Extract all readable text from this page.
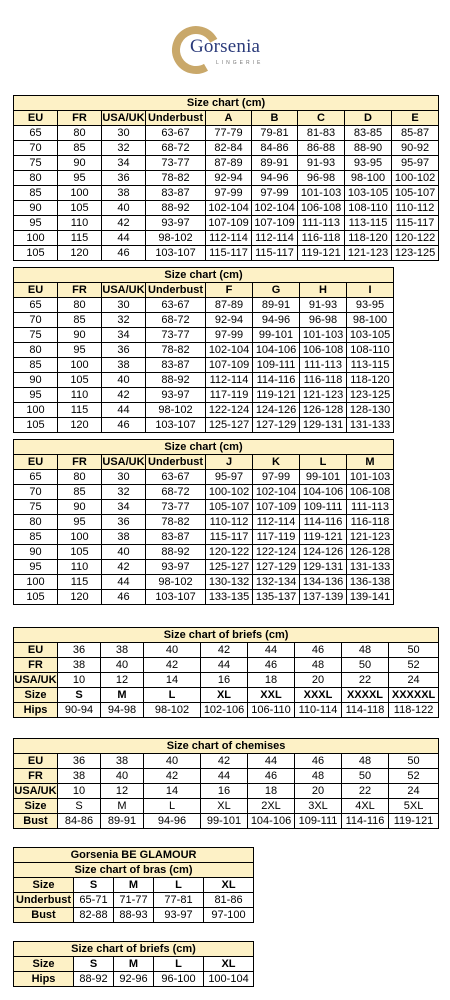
Gorsenia
LINGERIE
Size chart (cm)								
EU	FR	USA/UK	Underbust	A	B	C	D	E
65	80	30	63-67	77-79	79-81	81-83	83-85	85-87
70	85	32	68-72	82-84	84-86	86-88	88-90	90-92
75	90	34	73-77	87-89	89-91	91-93	93-95	95-97
80	95	36	78-82	92-94	94-96	96-98	98-100	100-102
85	100	38	83-87	97-99	97-99	101-103	103-105	105-107
90	105	40	88-92	102-104	102-104	106-108	108-110	110-112
95	110	42	93-97	107-109	107-109	111-113	113-115	115-117
100	115	44	98-102	112-114	112-114	116-118	118-120	120-122
105	120	46	103-107	115-117	115-117	119-121	121-123	123-125
Size chart (cm)							
EU	FR	USA/UK	Underbust	F	G	H	I
65	80	30	63-67	87-89	89-91	91-93	93-95
70	85	32	68-72	92-94	94-96	96-98	98-100
75	90	34	73-77	97-99	99-101	101-103	103-105
80	95	36	78-82	102-104	104-106	106-108	108-110
85	100	38	83-87	107-109	109-111	111-113	113-115
90	105	40	88-92	112-114	114-116	116-118	118-120
95	110	42	93-97	117-119	119-121	121-123	123-125
100	115	44	98-102	122-124	124-126	126-128	128-130
105	120	46	103-107	125-127	127-129	129-131	131-133
Size chart (cm)							
EU	FR	USA/UK	Underbust	J	K	L	M
65	80	30	63-67	95-97	97-99	99-101	101-103
70	85	32	68-72	100-102	102-104	104-106	106-108
75	90	34	73-77	105-107	107-109	109-111	111-113
80	95	36	78-82	110-112	112-114	114-116	116-118
85	100	38	83-87	115-117	117-119	119-121	121-123
90	105	40	88-92	120-122	122-124	124-126	126-128
95	110	42	93-97	125-127	127-129	129-131	131-133
100	115	44	98-102	130-132	132-134	134-136	136-138
105	120	46	103-107	133-135	135-137	137-139	139-141
Size chart of briefs (cm)								
EU	36	38	40	42	44	46	48	50
FR	38	40	42	44	46	48	50	52
USA/UK	10	12	14	16	18	20	22	24
Size	S	M	L	XL	XXL	XXXL	XXXXL	XXXXXL
Hips	90-94	94-98	98-102	102-106	106-110	110-114	114-118	118-122
Size chart of chemises								
EU	36	38	40	42	44	46	48	50
FR	38	40	42	44	46	48	50	52
USA/UK	10	12	14	16	18	20	22	24
Size	S	M	L	XL	2XL	3XL	4XL	5XL
Bust	84-86	89-91	94-96	99-101	104-106	109-111	114-116	119-121
Gorsenia BE GLAMOUR				
Size chart of bras (cm)				
Size	S	M	L	XL
Underbust	65-71	71-77	77-81	81-86
Bust	82-88	88-93	93-97	97-100
Size chart of briefs (cm)				
Size	S	M	L	XL
Hips	88-92	92-96	96-100	100-104
